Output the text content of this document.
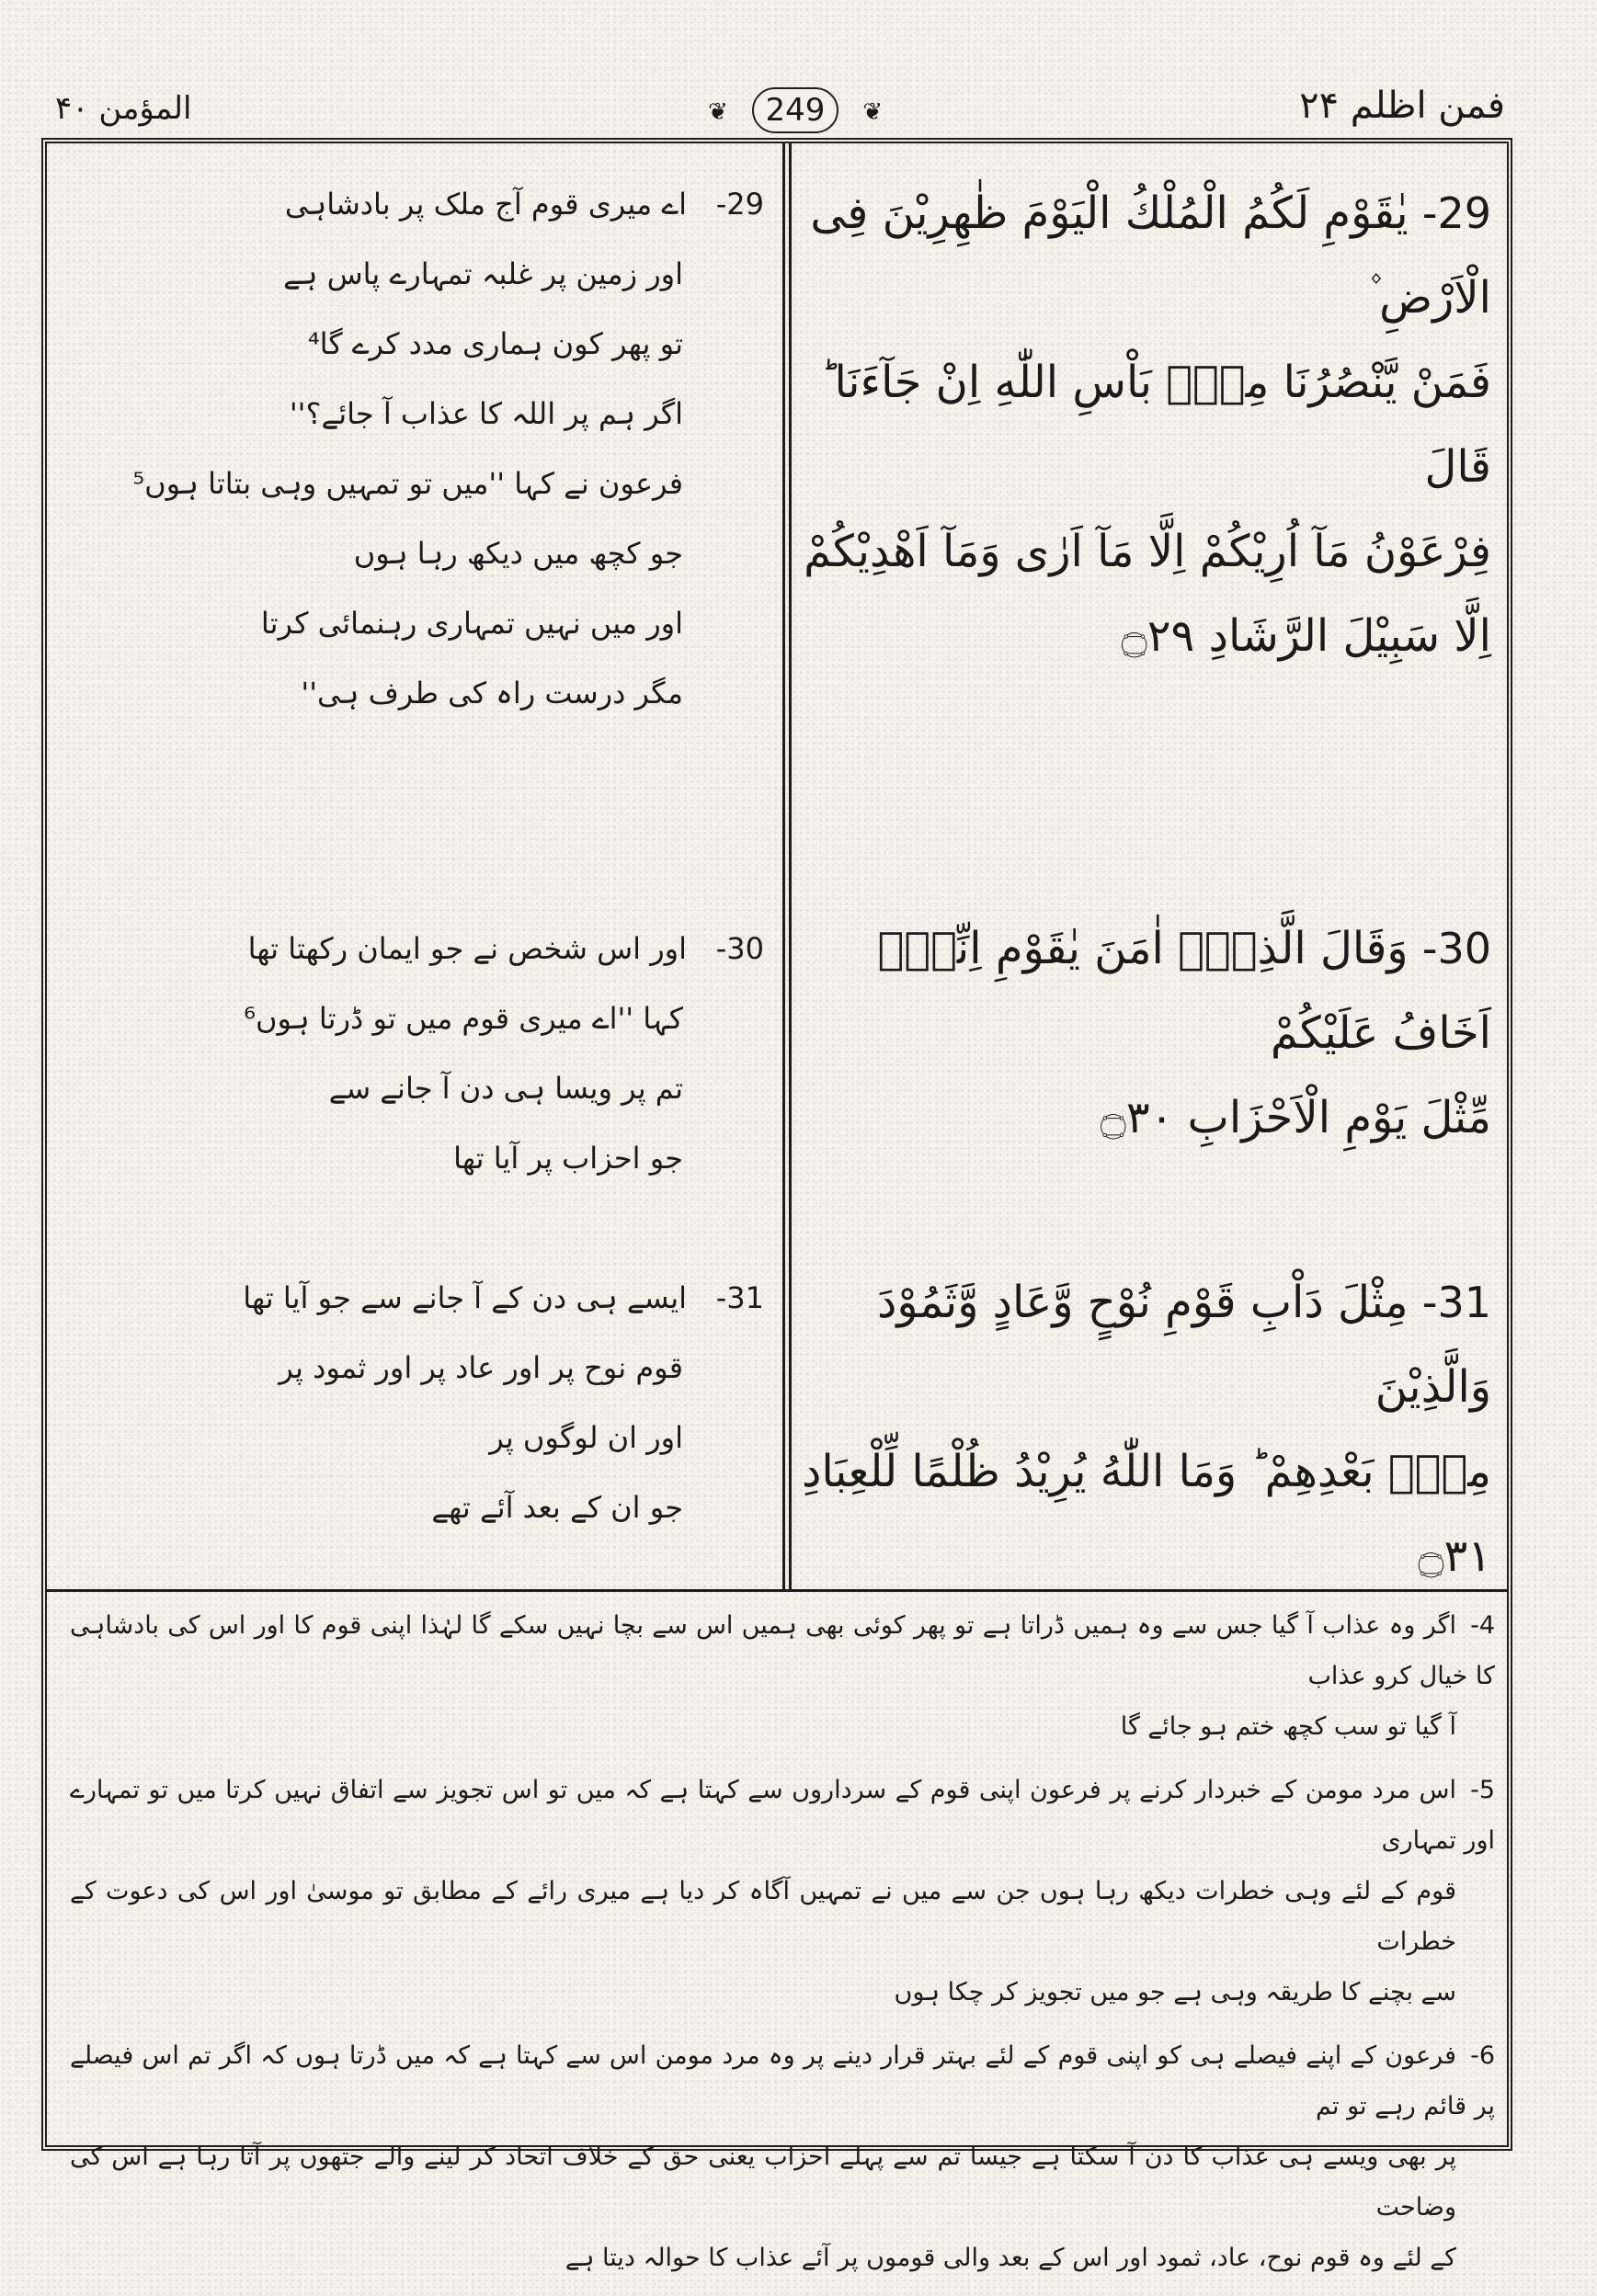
المؤمن ۴۰	❦	249	❦	فمن اظلم ۲۴
29- يٰقَوْمِ لَكُمُ الْمُلْكُ الْيَوْمَ ظٰهِرِيْنَ فِى الْاَرْضِ ۫
فَمَنْ يَّنْصُرُنَا مِنْۢ بَاْسِ اللّٰهِ اِنْ جَآءَنَا ؕ قَالَ
فِرْعَوْنُ مَآ اُرِيْكُمْ اِلَّا مَآ اَرٰى وَمَآ اَهْدِيْكُمْ
اِلَّا سَبِيْلَ الرَّشَادِ ۝٢٩
30- وَقَالَ الَّذِىْۤ اٰمَنَ يٰقَوْمِ اِنِّىْۤ اَخَافُ عَلَيْكُمْ
مِّثْلَ يَوْمِ الْاَحْزَابِ ۝٣٠
31- مِثْلَ دَاْبِ قَوْمِ نُوْحٍ وَّعَادٍ وَّثَمُوْدَ وَالَّذِيْنَ
مِنْۢ بَعْدِهِمْ ؕ وَمَا اللّٰهُ يُرِيْدُ ظُلْمًا لِّلْعِبَادِ ۝٣١
29-اے میری قوم آج ملک پر بادشاہی
اور زمین پر غلبہ تمہارے پاس ہے
تو پھر کون ہماری مدد کرے گا⁴
اگر ہم پر اللہ کا عذاب آ جائے؟''
فرعون نے کہا ''میں تو تمہیں وہی بتاتا ہوں⁵
جو کچھ میں دیکھ رہا ہوں
اور میں نہیں تمہاری رہنمائی کرتا
مگر درست راہ کی طرف ہی''
30-اور اس شخص نے جو ایمان رکھتا تھا
کہا ''اے میری قوم میں تو ڈرتا ہوں⁶
تم پر ویسا ہی دن آ جانے سے
جو احزاب پر آیا تھا
31-ایسے ہی دن کے آ جانے سے جو آیا تھا
قوم نوح پر اور عاد پر اور ثمود پر
اور ان لوگوں پر
جو ان کے بعد آئے تھے
4-اگر وہ عذاب آ گیا جس سے وہ ہمیں ڈراتا ہے تو پھر کوئی بھی ہمیں اس سے بچا نہیں سکے گا لہٰذا اپنی قوم کا اور اس کی بادشاہی کا خیال کرو عذاب
آ گیا تو سب کچھ ختم ہو جائے گا
5-اس مرد مومن کے خبردار کرنے پر فرعون اپنی قوم کے سرداروں سے کہتا ہے کہ میں تو اس تجویز سے اتفاق نہیں کرتا میں تو تمہارے اور تمہاری
قوم کے لئے وہی خطرات دیکھ رہا ہوں جن سے میں نے تمہیں آگاہ کر دیا ہے میری رائے کے مطابق تو موسیٰ اور اس کی دعوت کے خطرات
سے بچنے کا طریقہ وہی ہے جو میں تجویز کر چکا ہوں
6-فرعون کے اپنے فیصلے ہی کو اپنی قوم کے لئے بہتر قرار دینے پر وہ مرد مومن اس سے کہتا ہے کہ میں ڈرتا ہوں کہ اگر تم اس فیصلے پر قائم رہے تو تم
پر بھی ویسے ہی عذاب کا دن آ سکتا ہے جیسا تم سے پہلے احزاب یعنی حق کے خلاف اتحاد کر لینے والے جتھوں پر آتا رہا ہے اس کی وضاحت
کے لئے وہ قوم نوح، عاد، ثمود اور اس کے بعد والی قوموں پر آئے عذاب کا حوالہ دیتا ہے
